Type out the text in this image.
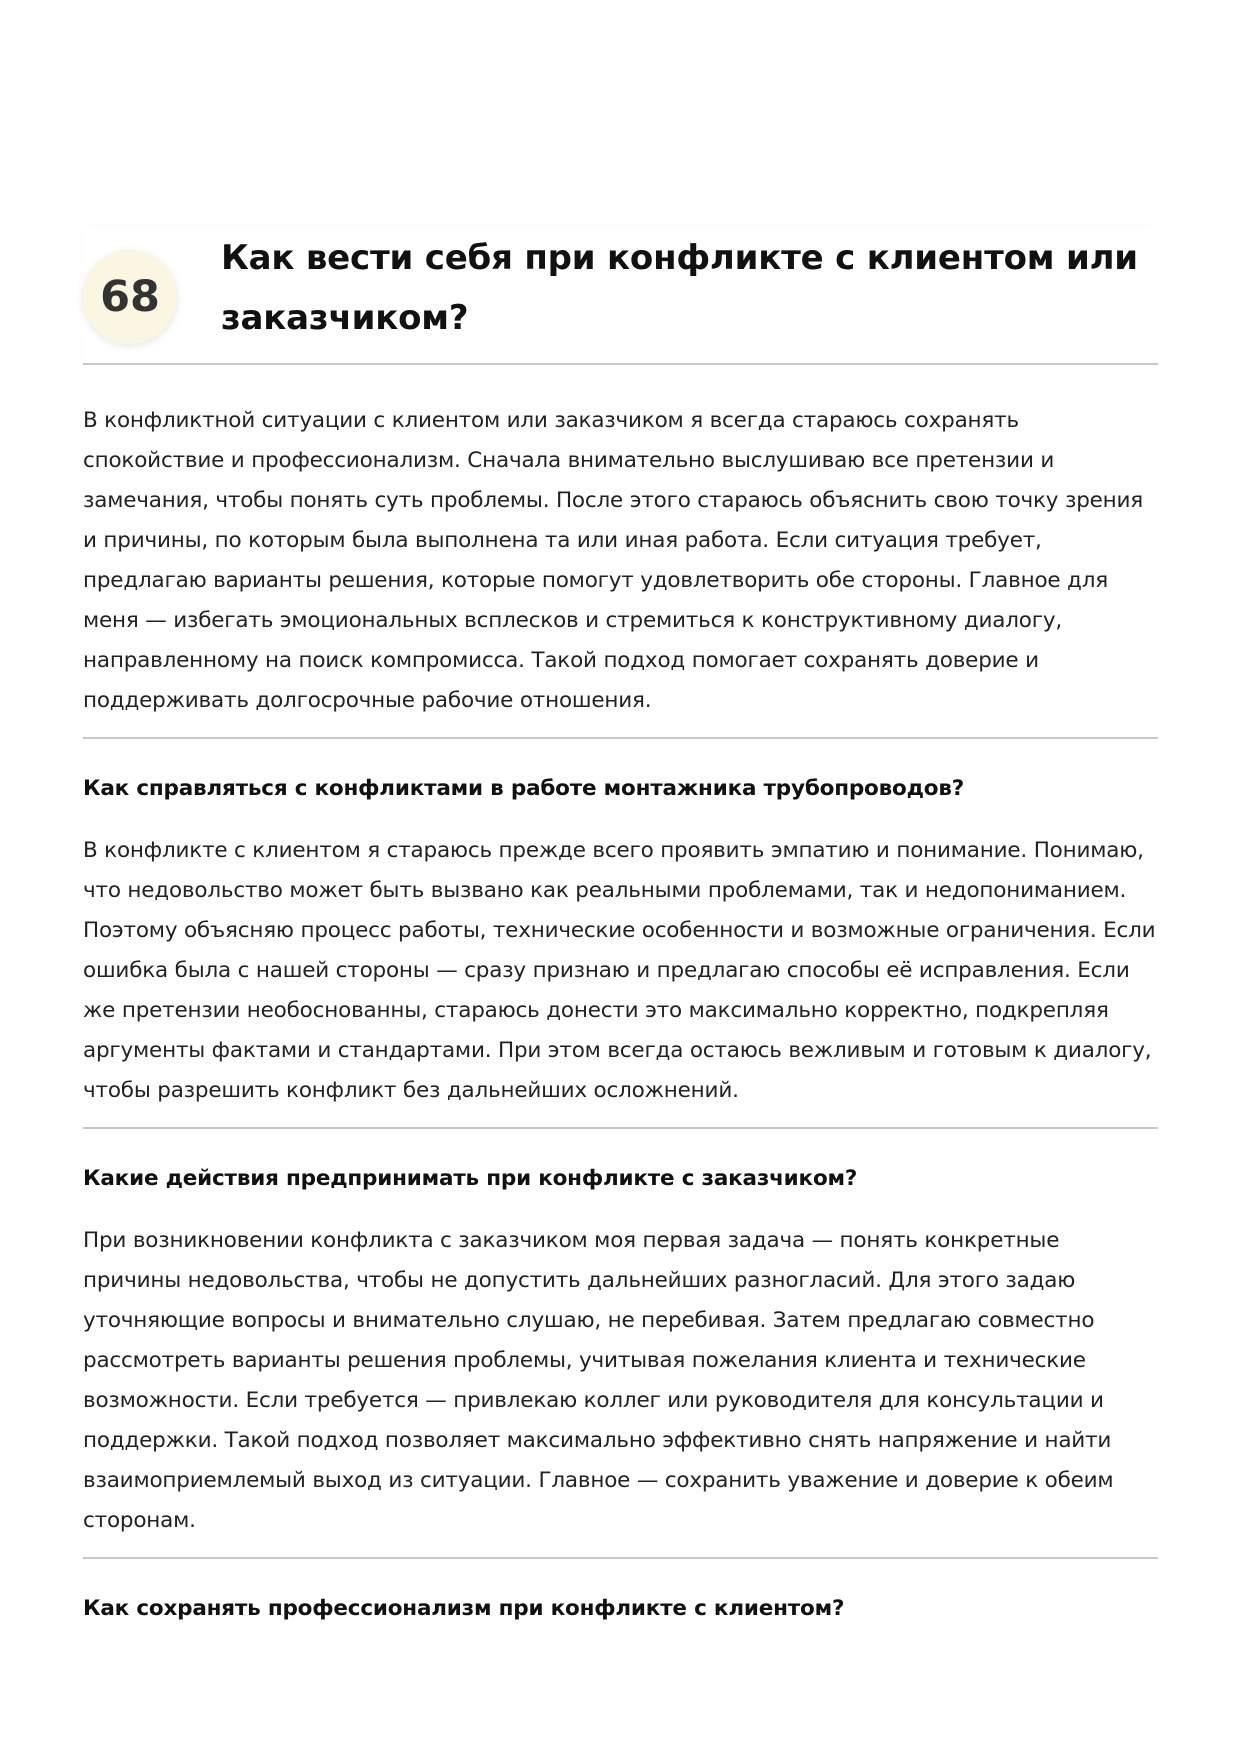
68
Как вести себя при конфликте с клиентом или заказчиком?

В конфликтной ситуации с клиентом или заказчиком я всегда стараюсь сохранять спокойствие и профессионализм. Сначала внимательно выслушиваю все претензии и замечания, чтобы понять суть проблемы. После этого стараюсь объяснить свою точку зрения и причины, по которым была выполнена та или иная работа. Если ситуация требует, предлагаю варианты решения, которые помогут удовлетворить обе стороны. Главное для меня — избегать эмоциональных всплесков и стремиться к конструктивному диалогу, направленному на поиск компромисса. Такой подход помогает сохранять доверие и поддерживать долгосрочные рабочие отношения.

Как справляться с конфликтами в работе монтажника трубопроводов?

В конфликте с клиентом я стараюсь прежде всего проявить эмпатию и понимание. Понимаю, что недовольство может быть вызвано как реальными проблемами, так и недопониманием. Поэтому объясняю процесс работы, технические особенности и возможные ограничения. Если ошибка была с нашей стороны — сразу признаю и предлагаю способы её исправления. Если же претензии необоснованны, стараюсь донести это максимально корректно, подкрепляя аргументы фактами и стандартами. При этом всегда остаюсь вежливым и готовым к диалогу, чтобы разрешить конфликт без дальнейших осложнений.

Какие действия предпринимать при конфликте с заказчиком?

При возникновении конфликта с заказчиком моя первая задача — понять конкретные причины недовольства, чтобы не допустить дальнейших разногласий. Для этого задаю уточняющие вопросы и внимательно слушаю, не перебивая. Затем предлагаю совместно рассмотреть варианты решения проблемы, учитывая пожелания клиента и технические возможности. Если требуется — привлекаю коллег или руководителя для консультации и поддержки. Такой подход позволяет максимально эффективно снять напряжение и найти взаимоприемлемый выход из ситуации. Главное — сохранить уважение и доверие к обеим сторонам.

Как сохранять профессионализм при конфликте с клиентом?
